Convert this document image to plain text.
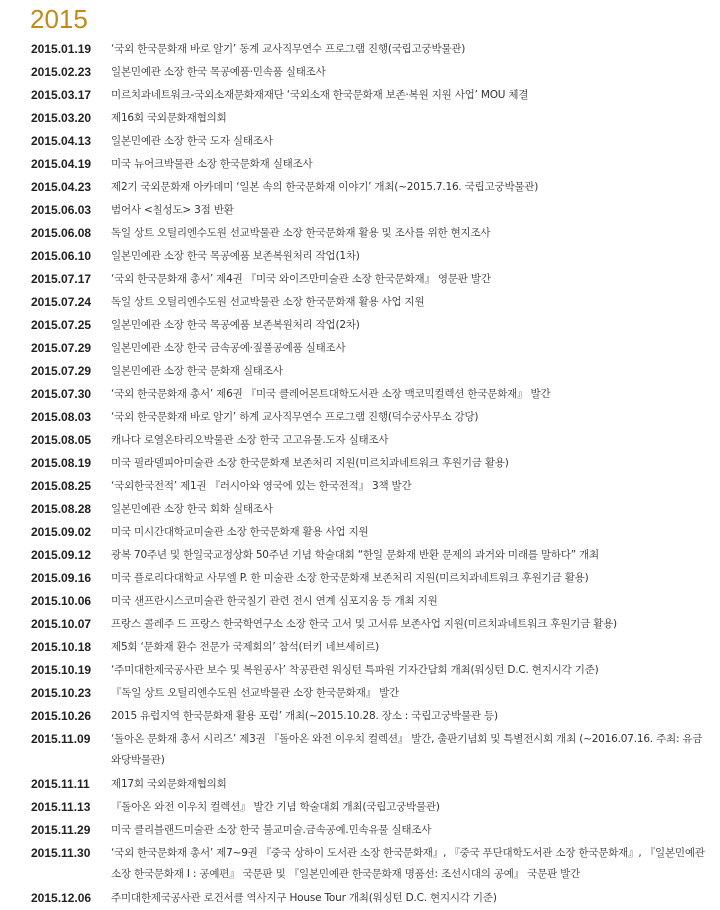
2015
2015.01.19	‘국외 한국문화재 바로 알기’ 동계 교사직무연수 프로그램 진행(국립고궁박물관)
2015.02.23	일본민예관 소장 한국 목공예품·민속품 실태조사
2015.03.17	미르치과네트워크-국외소재문화재재단 ‘국외소재 한국문화재 보존·복원 지원 사업’ MOU 체결
2015.03.20	제16회 국외문화재협의회
2015.04.13	일본민예관 소장 한국 도자 실태조사
2015.04.19	미국 뉴어크박물관 소장 한국문화재 실태조사
2015.04.23	제2기 국외문화재 아카데미 ‘일본 속의 한국문화재 이야기’ 개최(~2015.7.16. 국립고궁박물관)
2015.06.03	범어사 <칠성도> 3점 반환
2015.06.08	독일 상트 오틸리엔수도원 선교박물관 소장 한국문화재 활용 및 조사를 위한 현지조사
2015.06.10	일본민예관 소장 한국 목공예품 보존복원처리 작업(1차)
2015.07.17	‘국외 한국문화재 총서’ 제4권 『미국 와이즈만미술관 소장 한국문화재』 영문판 발간
2015.07.24	독일 상트 오틸리엔수도원 선교박물관 소장 한국문화재 활용 사업 지원
2015.07.25	일본민예관 소장 한국 목공예품 보존복원처리 작업(2차)
2015.07.29	일본민예관 소장 한국 금속공예·짚풀공예품 실태조사
2015.07.29	일본민예관 소장 한국 문화재 실태조사
2015.07.30	‘국외 한국문화재 총서’ 제6권 『미국 클레어몬트대학도서관 소장 맥코믹컬렉션 한국문화재』 발간
2015.08.03	‘국외 한국문화재 바로 알기’ 하계 교사직무연수 프로그램 진행(덕수궁사무소 강당)
2015.08.05	캐나다 로열온타리오박물관 소장 한국 고고유물.도자 실태조사
2015.08.19	미국 필라델피아미술관 소장 한국문화재 보존처리 지원(미르치과네트워크 후원기금 활용)
2015.08.25	‘국외한국전적’ 제1권 『러시아와 영국에 있는 한국전적』 3책 발간
2015.08.28	일본민예관 소장 한국 회화 실태조사
2015.09.02	미국 미시간대학교미술관 소장 한국문화재 활용 사업 지원
2015.09.12	광복 70주년 및 한일국교정상화 50주년 기념 학술대회 “한일 문화재 반환 문제의 과거와 미래를 말하다” 개최
2015.09.16	미국 플로리다대학교 사무엘 P. 한 미술관 소장 한국문화재 보존처리 지원(미르치과네트워크 후원기금 활용)
2015.10.06	미국 샌프란시스코미술관 한국칠기 관련 전시 연계 심포지움 등 개최 지원
2015.10.07	프랑스 콜레주 드 프랑스 한국학연구소 소장 한국 고서 및 고서류 보존사업 지원(미르치과네트워크 후원기금 활용)
2015.10.18	제5회 ‘문화재 환수 전문가 국제회의’ 참석(터키 네브세히르)
2015.10.19	‘주미대한제국공사관 보수 및 복원공사’ 착공관련 워싱턴 특파원 기자간담회 개최(워싱턴 D.C. 현지시각 기준)
2015.10.23	『독일 상트 오틸리엔수도원 선교박물관 소장 한국문화재』 발간
2015.10.26	2015 유럽지역 한국문화재 활용 포럼’ 개최(~2015.10.28. 장소 : 국립고궁박물관 등)
2015.11.09	‘돌아온 문화재 총서 시리즈’ 제3권 『돌아온 와전 이우치 컬렉션』 발간, 출판기념회 및 특별전시회 개최 (~2016.07.16. 주최: 유금와당박물관)
2015.11.11	제17회 국외문화재협의회
2015.11.13	『돌아온 와전 이우치 컬렉션』 발간 기념 학술대회 개최(국립고궁박물관)
2015.11.29	미국 클리블랜드미술관 소장 한국 불교미술.금속공예.민속유물 실태조사
2015.11.30	‘국외 한국문화재 총서’ 제7~9권 『중국 상하이 도서관 소장 한국문화재』, 『중국 푸단대학도서관 소장 한국문화재』, 『일본민예관 소장 한국문화재 Ⅰ : 공예편』 국문판 및 『일본민예관 한국문화재 명품선: 조선시대의 공예』 국문판 발간
2015.12.06	주미대한제국공사관 로건서클 역사지구 House Tour 개최(워싱턴 D.C. 현지시각 기준)
